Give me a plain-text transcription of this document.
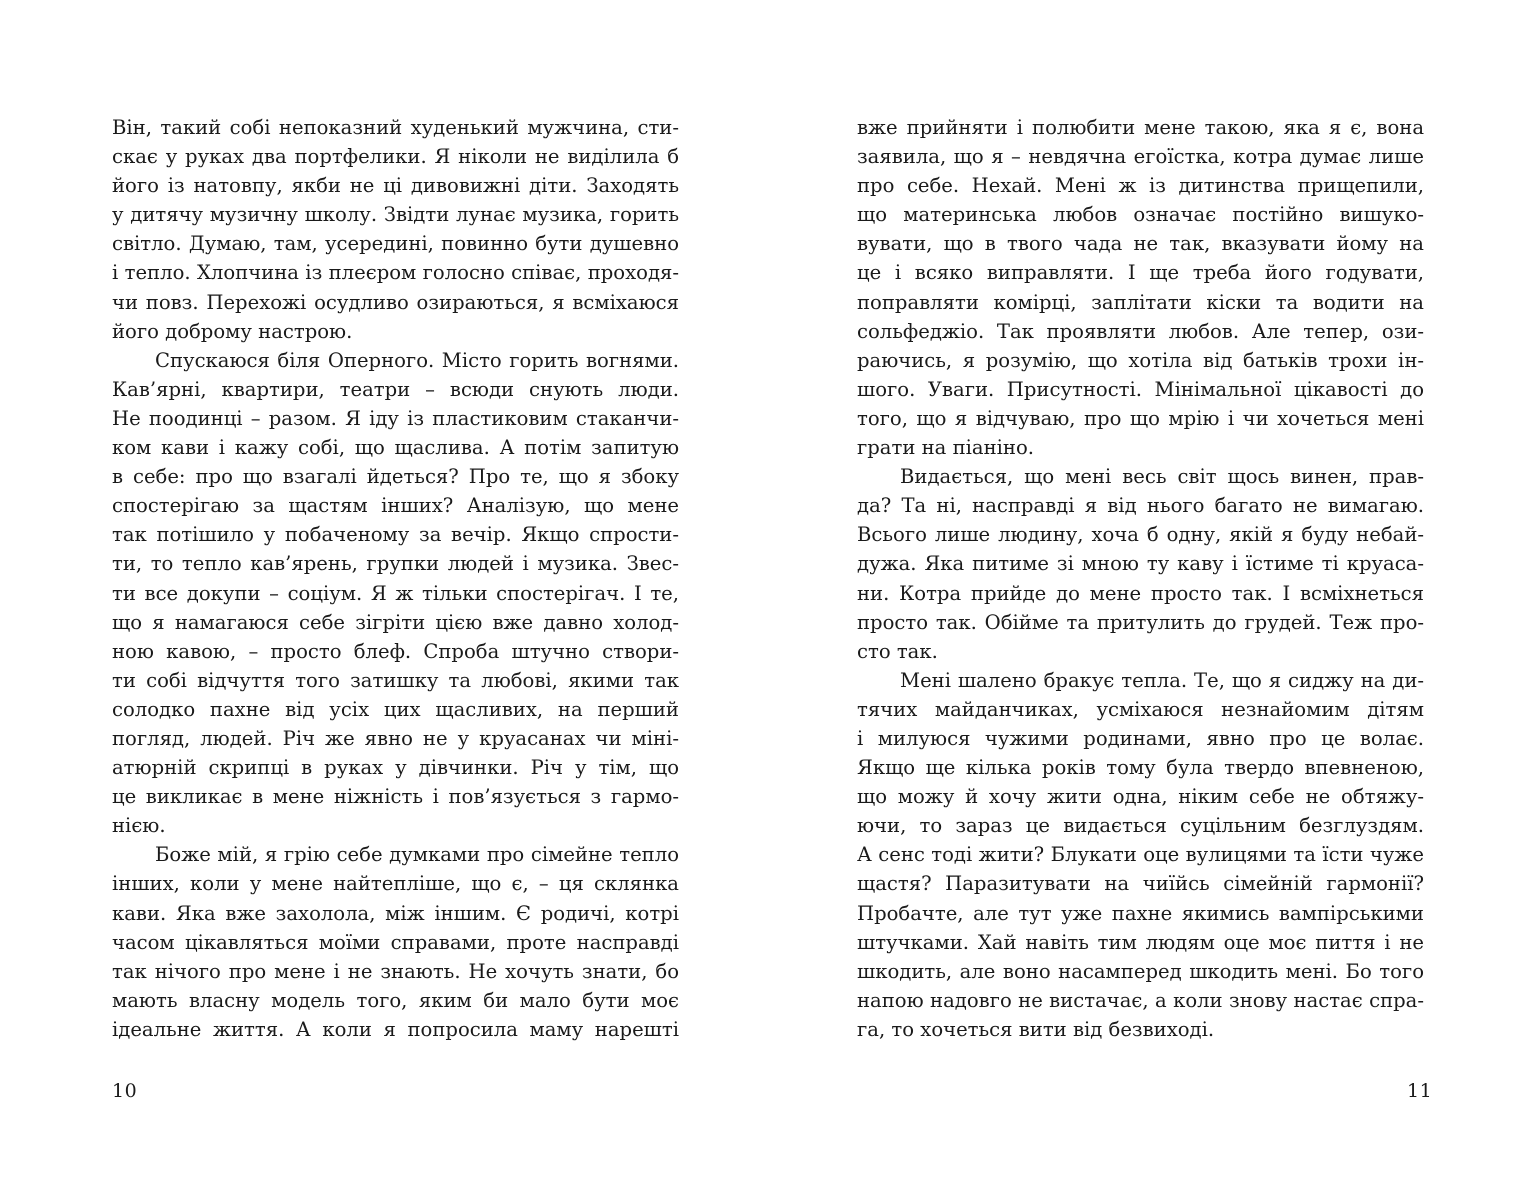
Він, такий собі непоказний худенький мужчина, сти-
скає у руках два портфелики. Я ніколи не виділила б
його із натовпу, якби не ці дивовижні діти. Заходять
у дитячу музичну школу. Звідти лунає музика, горить
світло. Думаю, там, усередині, повинно бути душевно
і тепло. Хлопчина із плеєром голосно співає, проходя-
чи повз. Перехожі осудливо озираються, я всміхаюся
його доброму настрою.
Спускаюся біля Оперного. Місто горить вогнями.
Кав’ярні, квартири, театри – всюди снують люди.
Не поодинці – разом. Я іду із пластиковим стаканчи-
ком кави і кажу собі, що щаслива. А потім запитую
в себе: про що взагалі йдеться? Про те, що я збоку
спостерігаю за щастям інших? Аналізую, що мене
так потішило у побаченому за вечір. Якщо спрости-
ти, то тепло кав’ярень, групки людей і музика. Звес-
ти все докупи – соціум. Я ж тільки спостерігач. І те,
що я намагаюся себе зігріти цією вже давно холод-
ною кавою, – просто блеф. Спроба штучно створи-
ти собі відчуття того затишку та любові, якими так
солодко пахне від усіх цих щасливих, на перший
погляд, людей. Річ же явно не у круасанах чи міні-
атюрній скрипці в руках у дівчинки. Річ у тім, що
це викликає в мене ніжність і пов’язується з гармо-
нією.
Боже мій, я грію себе думками про сімейне тепло
інших, коли у мене найтепліше, що є, – ця склянка
кави. Яка вже захолола, між іншим. Є родичі, котрі
часом цікавляться моїми справами, проте насправді
так нічого про мене і не знають. Не хочуть знати, бо
мають власну модель того, яким би мало бути моє
ідеальне життя. А коли я попросила маму нарешті
вже прийняти і полюбити мене такою, яка я є, вона
заявила, що я – невдячна егоїстка, котра думає лише
про себе. Нехай. Мені ж із дитинства прищепили,
що материнська любов означає постійно вишуко-
вувати, що в твого чада не так, вказувати йому на
це і всяко виправляти. І ще треба його годувати,
поправляти комірці, заплітати кіски та водити на
сольфеджіо. Так проявляти любов. Але тепер, ози-
раючись, я розумію, що хотіла від батьків трохи ін-
шого. Уваги. Присутності. Мінімальної цікавості до
того, що я відчуваю, про що мрію і чи хочеться мені
грати на піаніно.
Видається, що мені весь світ щось винен, прав-
да? Та ні, насправді я від нього багато не вимагаю.
Всього лише людину, хоча б одну, якій я буду небай-
дужа. Яка питиме зі мною ту каву і їстиме ті круаса-
ни. Котра прийде до мене просто так. І всміхнеться
просто так. Обійме та притулить до грудей. Теж про-
сто так.
Мені шалено бракує тепла. Те, що я сиджу на ди-
тячих майданчиках, усміхаюся незнайомим дітям
і милуюся чужими родинами, явно про це волає.
Якщо ще кілька років тому була твердо впевненою,
що можу й хочу жити одна, ніким себе не обтяжу-
ючи, то зараз це видається суцільним безглуздям.
А сенс тоді жити? Блукати оце вулицями та їсти чуже
щастя? Паразитувати на чиїйсь сімейній гармонії?
Пробачте, але тут уже пахне якимись вампірськими
штучками. Хай навіть тим людям оце моє пиття і не
шкодить, але воно насамперед шкодить мені. Бо того
напою надовго не вистачає, а коли знову настає спра-
га, то хочеться вити від безвиході.
10	11
